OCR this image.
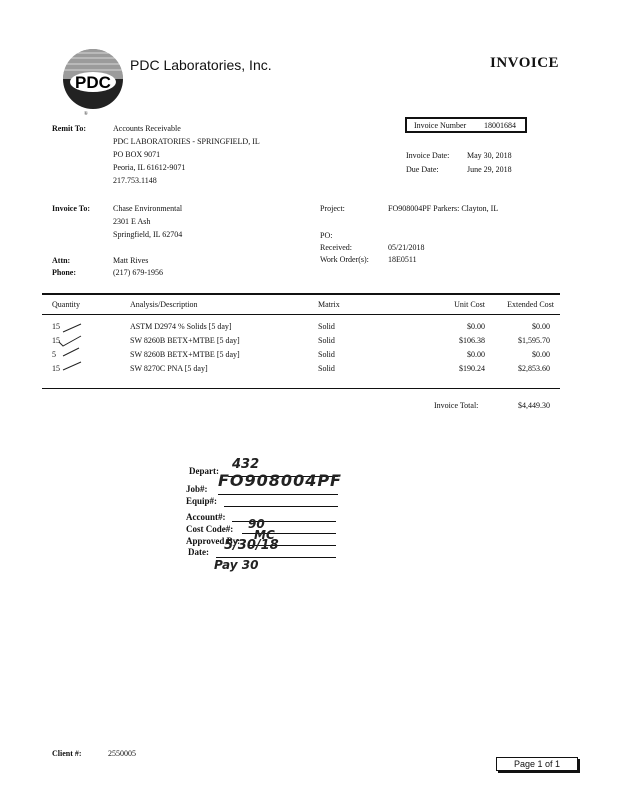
PDC
®
PDC Laboratories, Inc.	INVOICE
Invoice Number 18001684
Remit To:	Accounts Receivable
PDC LABORATORIES - SPRINGFIELD, IL
PO BOX 9071
Peoria, IL 61612-9071
217.753.1148
Invoice Date: May 30, 2018
Due Date:	June 29, 2018
Invoice To:	Chase Environmental
2301 E Ash
Springfield, IL 62704
Project:	FO908004PF Parkers: Clayton, IL
PO:
Received:	05/21/2018
Work Order(s): 18E0511
Attn:	Matt Rives
Phone:	(217) 679-1956
Quantity	Analysis/Description	Matrix	Unit Cost	Extended Cost
15	ASTM D2974 % Solids [5 day]	Solid	$0.00	$0.00
15	SW 8260B BETX+MTBE [5 day]	Solid	$106.38	$1,595.70
5	SW 8260B BETX+MTBE [5 day]	Solid	$0.00	$0.00
15	SW 8270C PNA [5 day]	Solid	$190.24	$2,853.60
Invoice Total:	$4,449.30
Depart: 432
Job#: FO908004PF
Equip#:
Account#:
Cost Code#: 90
Approved By: MC
Date: 5/30/18
Pay 30
Client #:	2550005
Page 1 of 1
